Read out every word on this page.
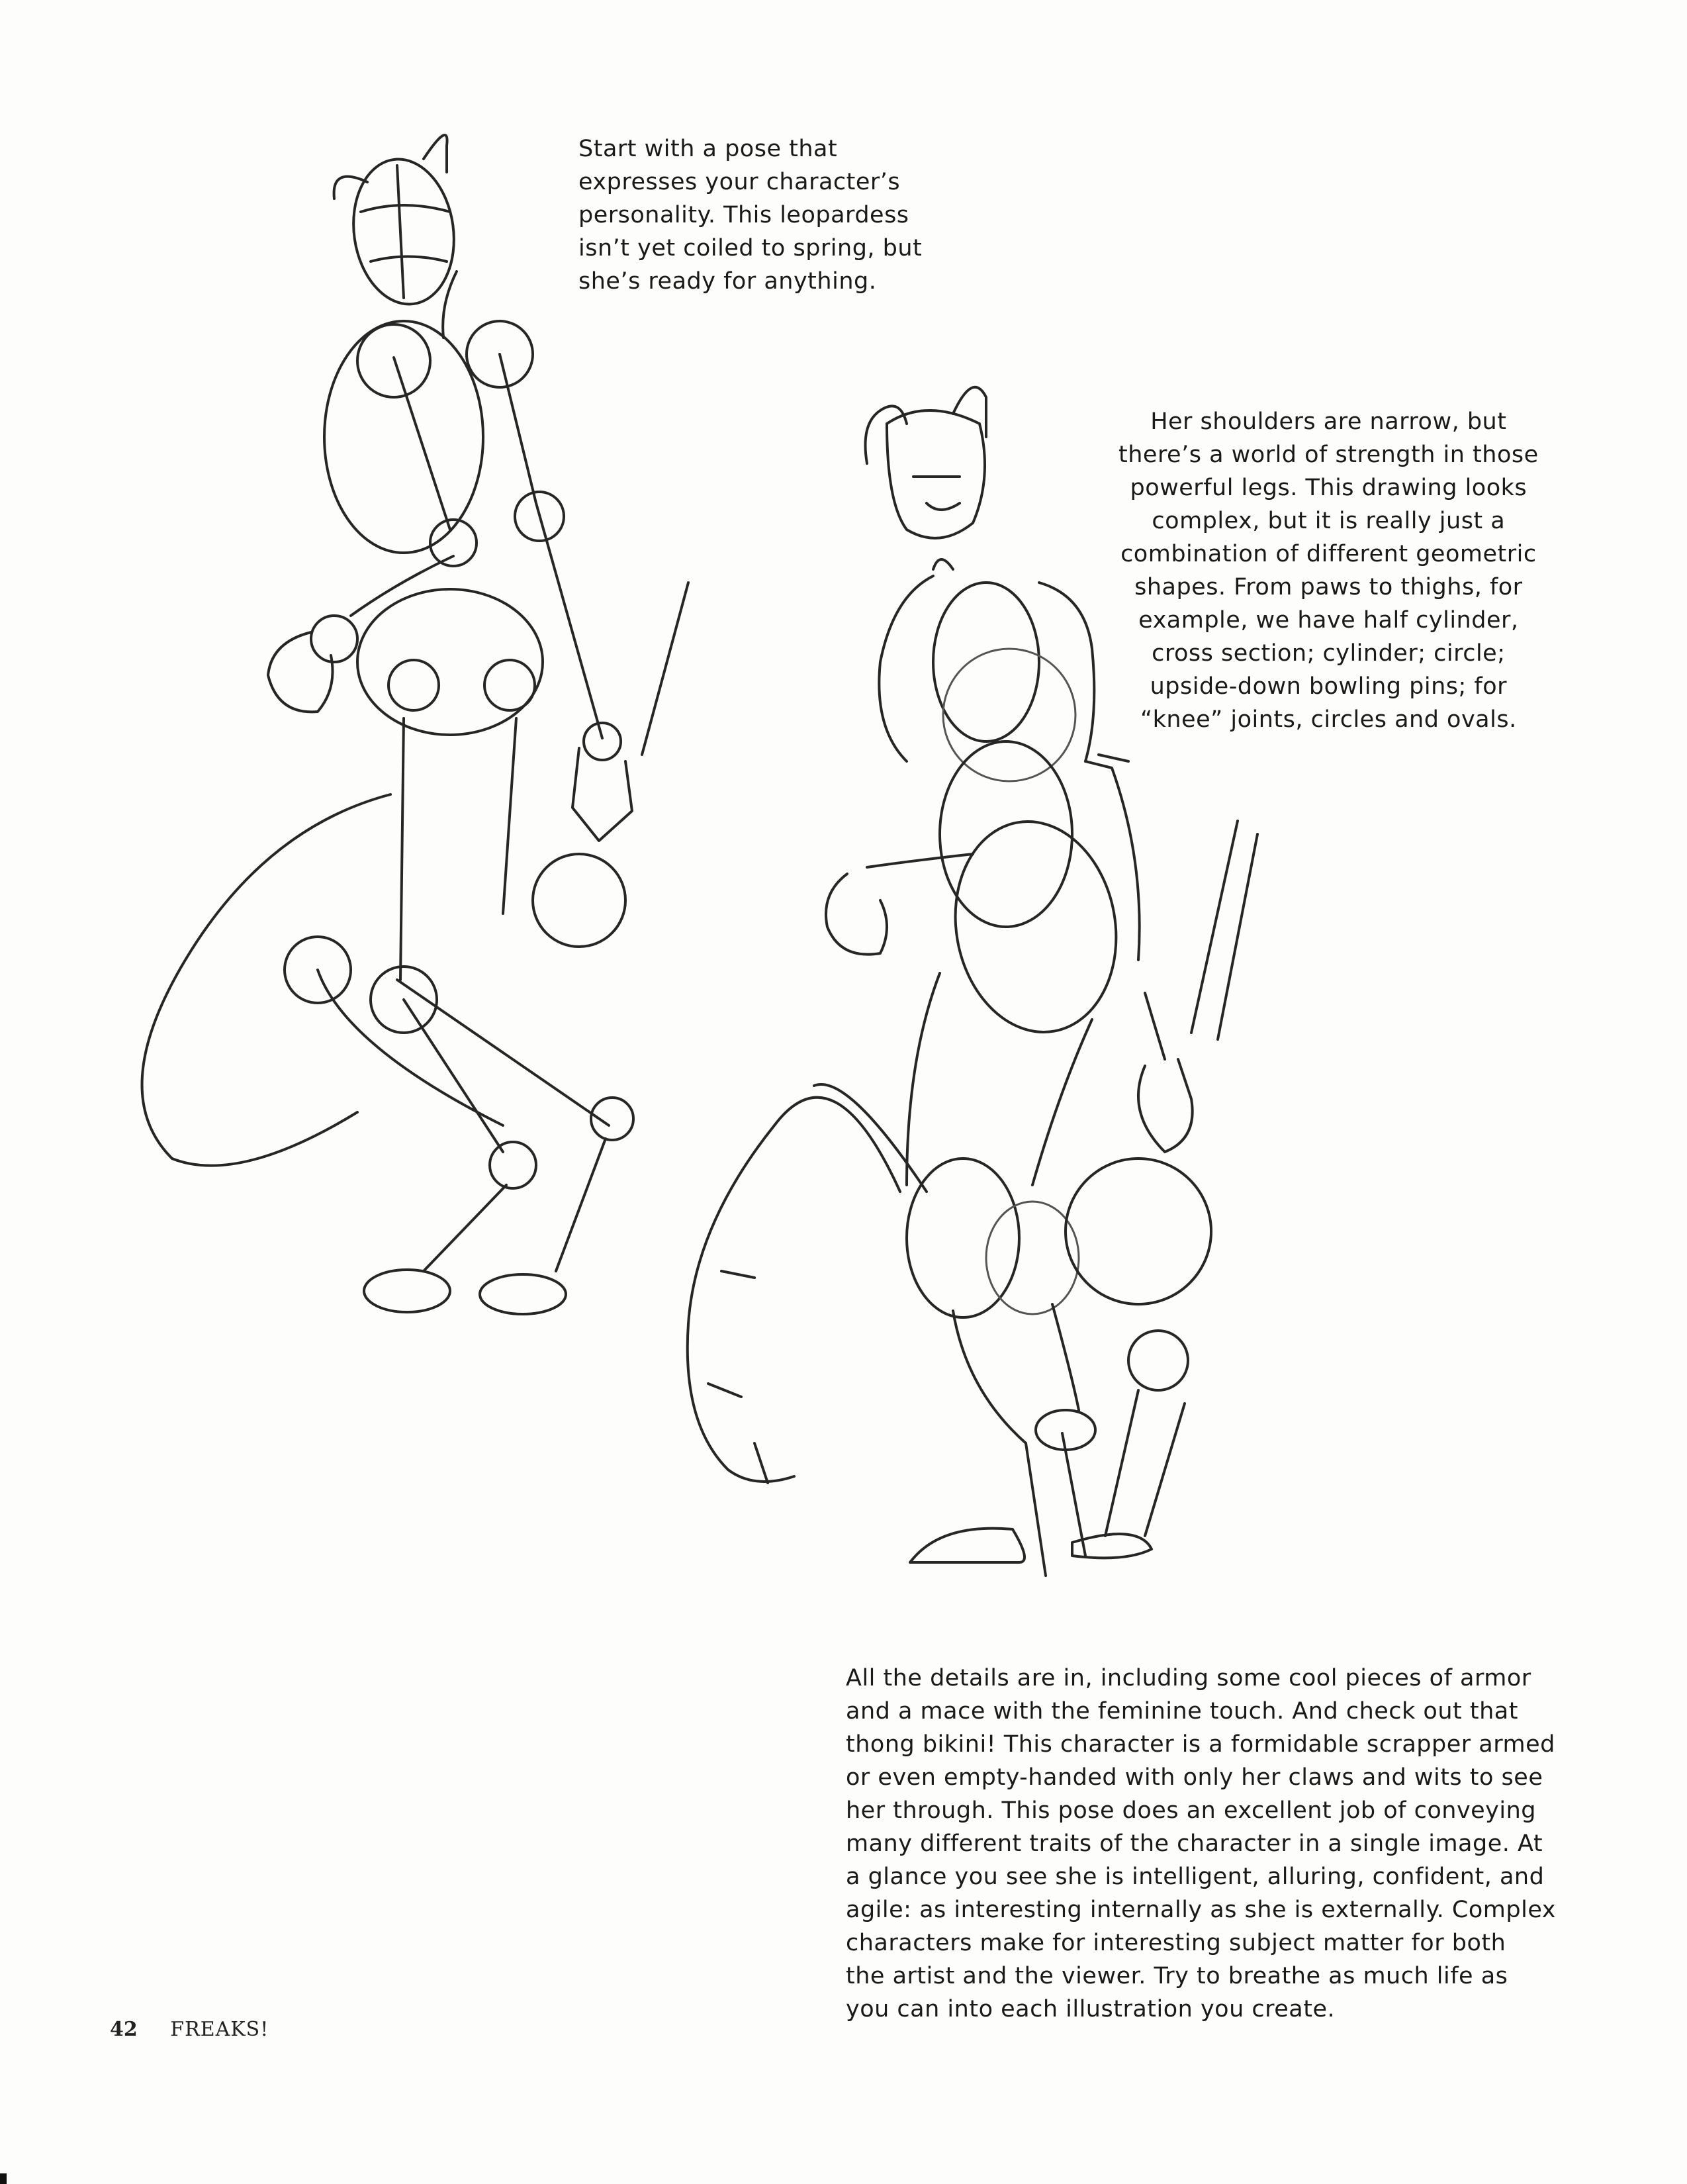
Start with a pose that
expresses your character’s
personality. This leopardess
isn’t yet coiled to spring, but
she’s ready for anything.
Her shoulders are narrow, but
there’s a world of strength in those
powerful legs. This drawing looks
complex, but it is really just a
combination of different geometric
shapes. From paws to thighs, for
example, we have half cylinder,
cross section; cylinder; circle;
upside-down bowling pins; for
“knee” joints, circles and ovals.
All the details are in, including some cool pieces of armor
and a mace with the feminine touch. And check out that
thong bikini! This character is a formidable scrapper armed
or even empty-handed with only her claws and wits to see
her through. This pose does an excellent job of conveying
many different traits of the character in a single image. At
a glance you see she is intelligent, alluring, confident, and
agile: as interesting internally as she is externally. Complex
characters make for interesting subject matter for both
the artist and the viewer. Try to breathe as much life as
you can into each illustration you create.
42 FREAKS!
